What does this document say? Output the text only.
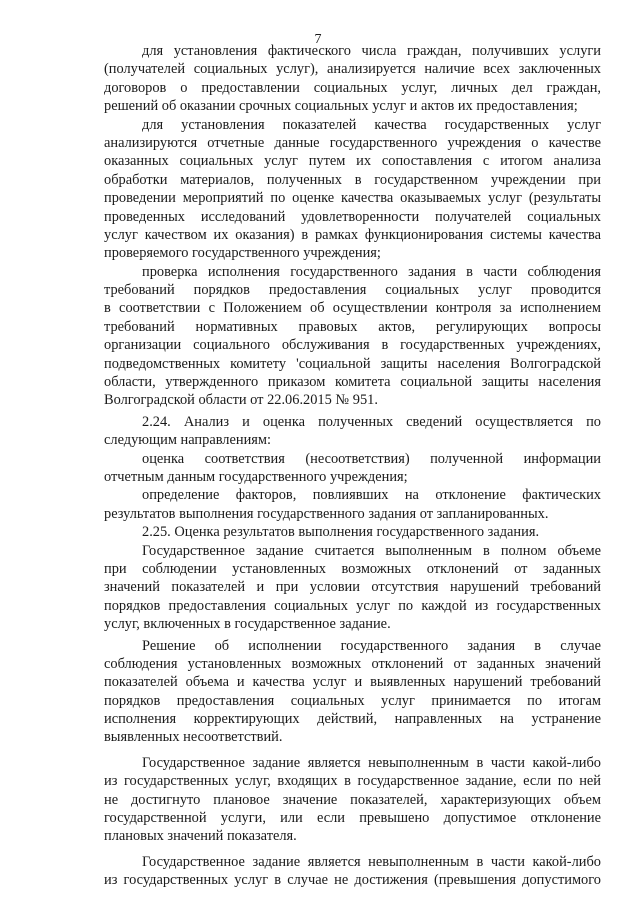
7
для установления фактического числа граждан, получивших услуги
(получателей социальных услуг), анализируется наличие всех заключенных
договоров о предоставлении социальных услуг, личных дел граждан,
решений об оказании срочных социальных услуг и актов их предоставления;
для установления показателей качества государственных услуг
анализируются отчетные данные государственного учреждения о качестве
оказанных социальных услуг путем их сопоставления с итогом анализа
обработки материалов, полученных в государственном учреждении при
проведении мероприятий по оценке качества оказываемых услуг (результаты
проведенных исследований удовлетворенности получателей социальных
услуг качеством их оказания) в рамках функционирования системы качества
проверяемого государственного учреждения;
проверка исполнения государственного задания в части соблюдения
требований порядков предоставления социальных услуг проводится
в соответствии с Положением об осуществлении контроля за исполнением
требований нормативных правовых актов, регулирующих вопросы
организации социального обслуживания в государственных учреждениях,
подведомственных комитету 'социальной защиты населения Волгоградской
области, утвержденного приказом комитета социальной защиты населения
Волгоградской области от 22.06.2015 № 951.
2.24. Анализ и оценка полученных сведений осуществляется по
следующим направлениям:
оценка соответствия (несоответствия) полученной информации
отчетным данным государственного учреждения;
определение факторов, повлиявших на отклонение фактических
результатов выполнения государственного задания от запланированных.
2.25. Оценка результатов выполнения государственного задания.
Государственное задание считается выполненным в полном объеме
при соблюдении установленных возможных отклонений от заданных
значений показателей и при условии отсутствия нарушений требований
порядков предоставления социальных услуг по каждой из государственных
услуг, включенных в государственное задание.
Решение об исполнении государственного задания в случае
соблюдения установленных возможных отклонений от заданных значений
показателей объема и качества услуг и выявленных нарушений требований
порядков предоставления социальных услуг принимается по итогам
исполнения корректирующих действий, направленных на устранение
выявленных несоответствий.
Государственное задание является невыполненным в части какой-либо
из государственных услуг, входящих в государственное задание, если по ней
не достигнуто плановое значение показателей, характеризующих объем
государственной услуги, или если превышено допустимое отклонение
плановых значений показателя.
Государственное задание является невыполненным в части какой-либо
из государственных услуг в случае не достижения (превышения допустимого
